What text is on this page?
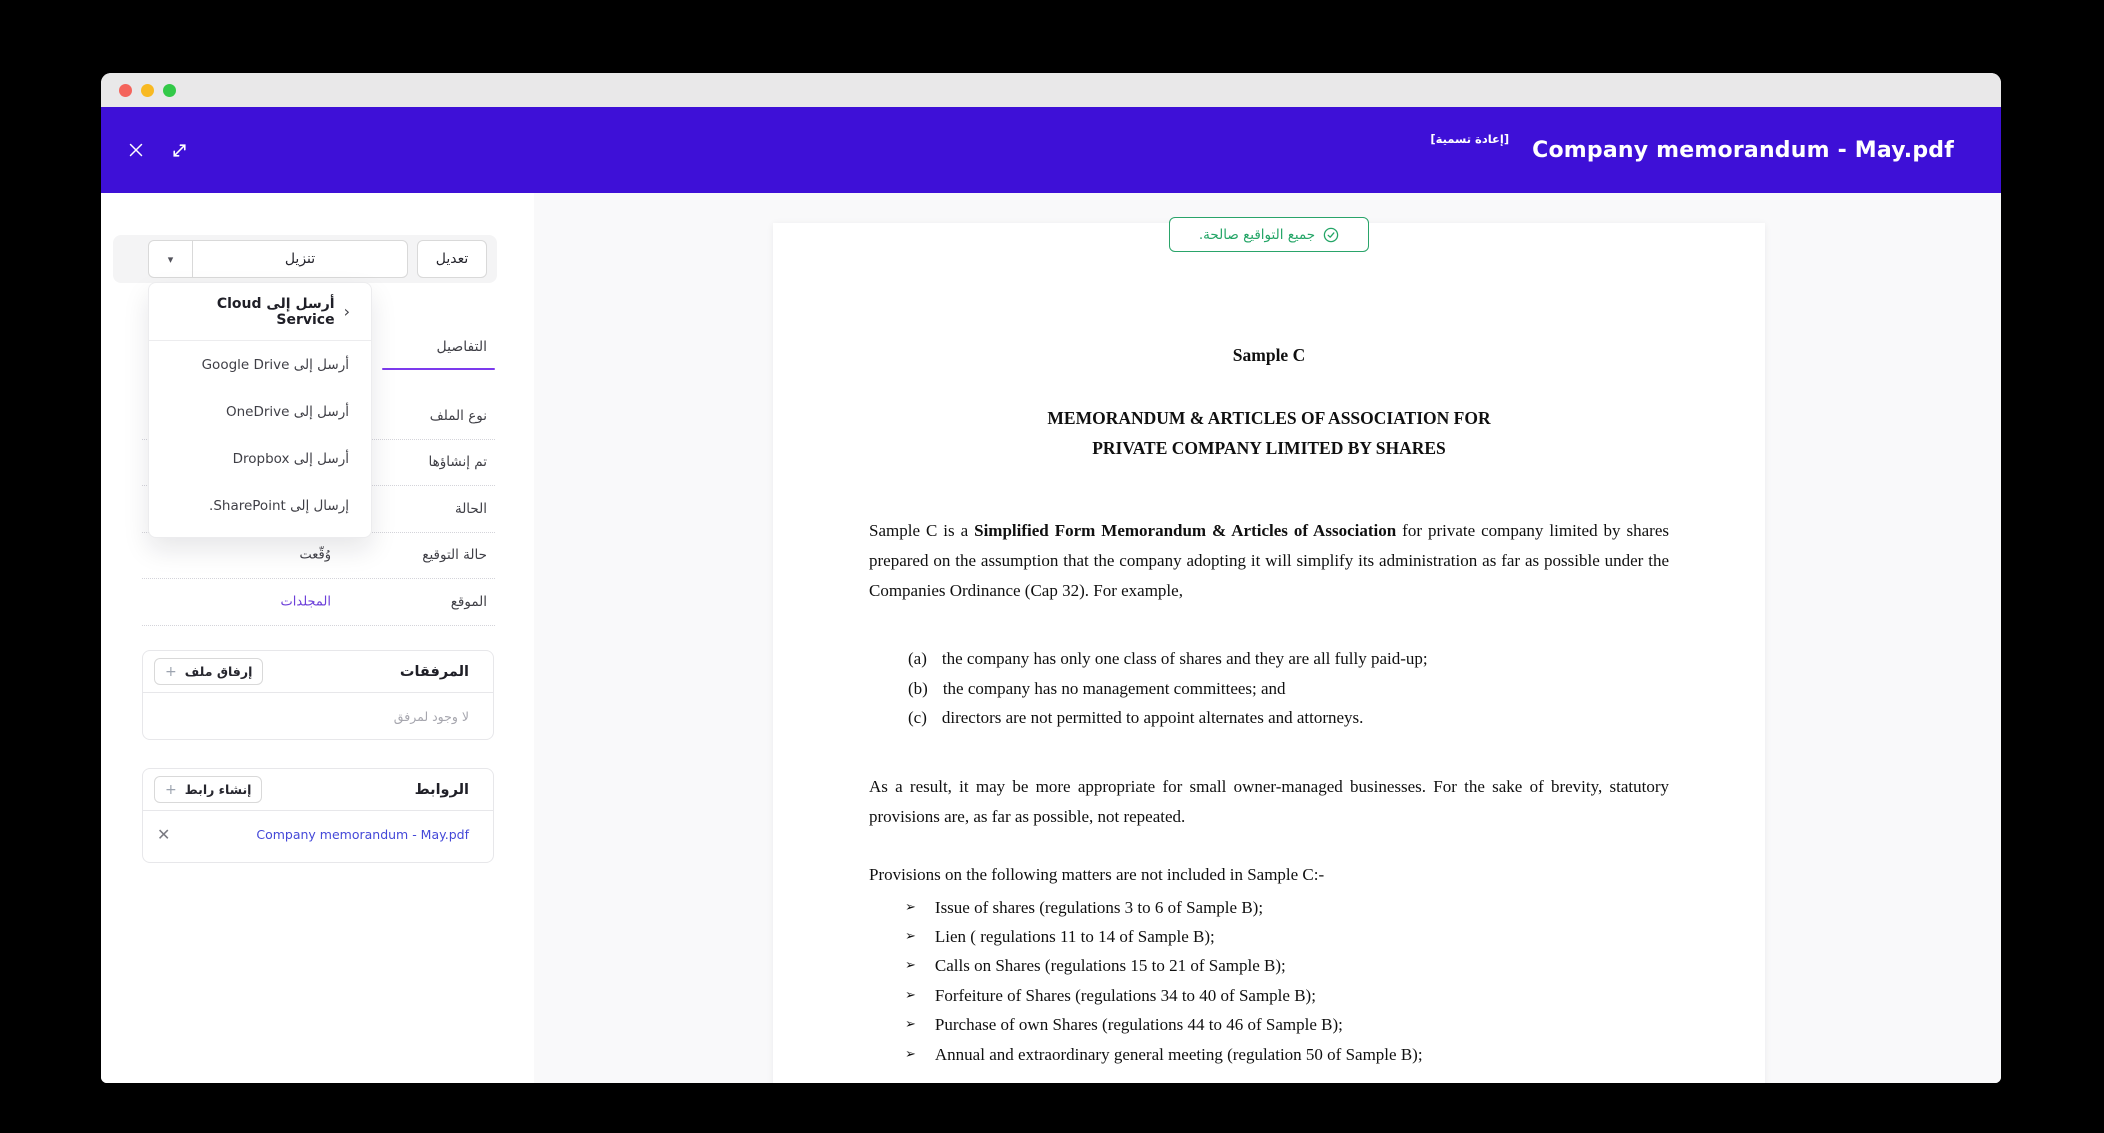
[إعادة تسمية] Company memorandum - May.pdf
تعديل
تنزيل
▾
‹
أرسل إلى Cloud Service
أرسل إلى Google Drive
أرسل إلى OneDrive
أرسل إلى Dropbox
إرسال إلى SharePoint.
التفاصيل
نوع الملف
تم إنشاؤها
الحالة
حالة التوقيع
وُقّعت
الموقع
المجلدات
المرفقات
إرفاق ملف
+
لا وجود لمرفق
الروابط
إنشاء رابط
+
Company memorandum - May.pdf
✕
جميع التواقيع صالحة.
Sample C
MEMORANDUM & ARTICLES OF ASSOCIATION FOR
PRIVATE COMPANY LIMITED BY SHARES

Sample C is a Simplified Form Memorandum & Articles of Association for private company limited by shares prepared on the assumption that the company adopting it will simplify its administration as far as possible under the Companies Ordinance (Cap 32). For example,

(a) the company has only one class of shares and they are all fully paid-up;
(b) the company has no management committees; and
(c) directors are not permitted to appoint alternates and attorneys.

As a result, it may be more appropriate for small owner-managed businesses. For the sake of brevity, statutory provisions are, as far as possible, not repeated.

Provisions on the following matters are not included in Sample C:-

➢ Issue of shares (regulations 3 to 6 of Sample B);
➢ Lien ( regulations 11 to 14 of Sample B);
➢ Calls on Shares (regulations 15 to 21 of Sample B);
➢ Forfeiture of Shares (regulations 34 to 40 of Sample B);
➢ Purchase of own Shares (regulations 44 to 46 of Sample B);
➢ Annual and extraordinary general meeting (regulation 50 of Sample B);
